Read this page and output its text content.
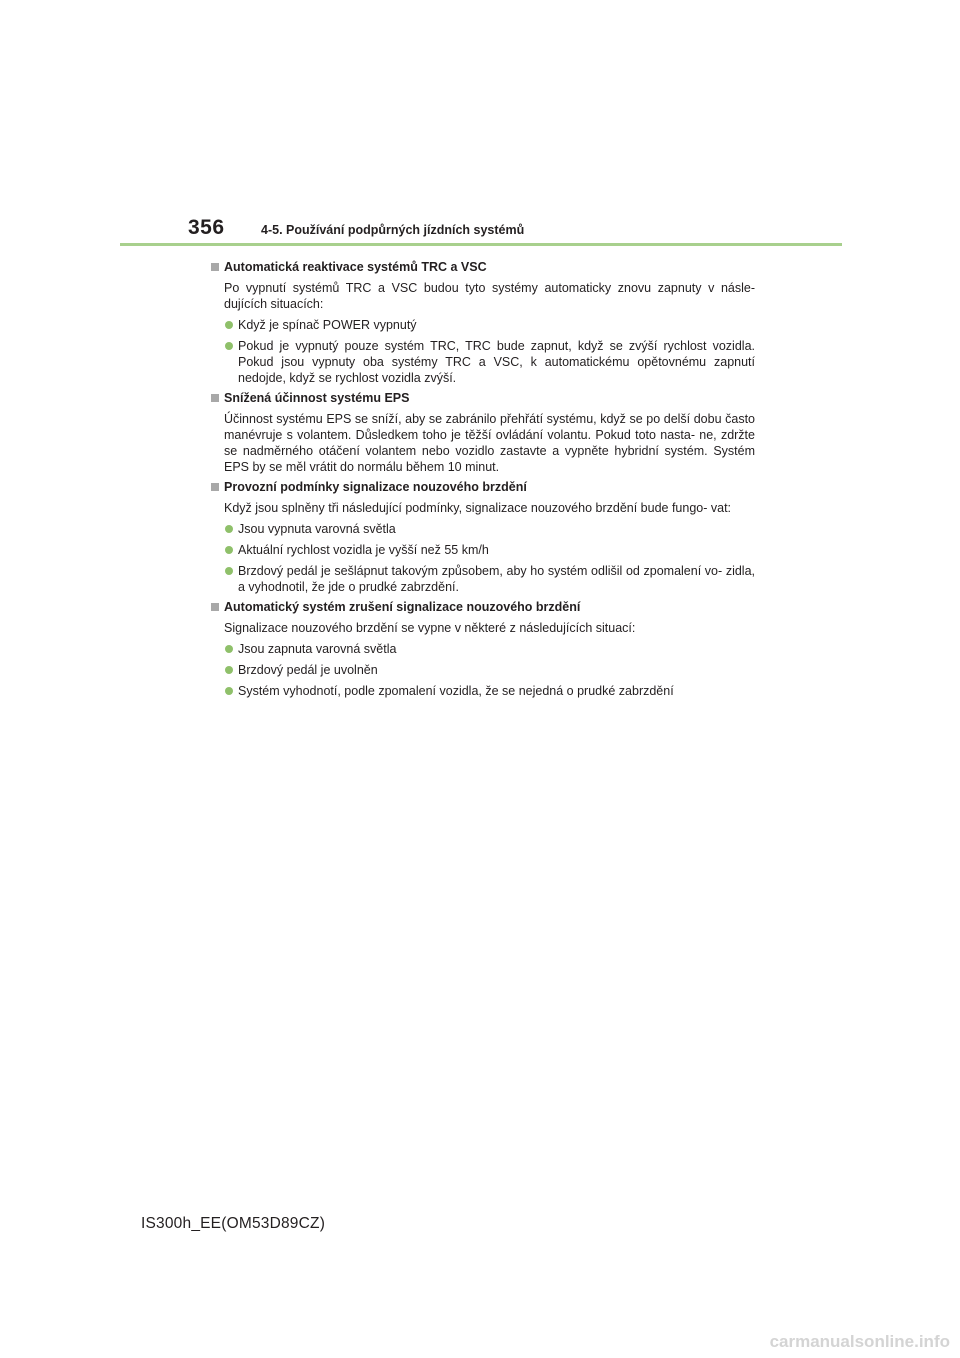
356	4-5. Používání podpůrných jízdních systémů
Automatická reaktivace systémů TRC a VSC
Po vypnutí systémů TRC a VSC budou tyto systémy automaticky znovu zapnuty v násle- dujících situacích:
Když je spínač POWER vypnutý
Pokud je vypnutý pouze systém TRC, TRC bude zapnut, když se zvýší rychlost vozidla. Pokud jsou vypnuty oba systémy TRC a VSC, k automatickému opětovnému zapnutí nedojde, když se rychlost vozidla zvýší.
Snížená účinnost systému EPS
Účinnost systému EPS se sníží, aby se zabránilo přehřátí systému, když se po delší dobu často manévruje s volantem. Důsledkem toho je těžší ovládání volantu. Pokud toto nasta- ne, zdržte se nadměrného otáčení volantem nebo vozidlo zastavte a vypněte hybridní systém. Systém EPS by se měl vrátit do normálu během 10 minut.
Provozní podmínky signalizace nouzového brzdění
Když jsou splněny tři následující podmínky, signalizace nouzového brzdění bude fungo- vat:
Jsou vypnuta varovná světla
Aktuální rychlost vozidla je vyšší než 55 km/h
Brzdový pedál je sešlápnut takovým způsobem, aby ho systém odlišil od zpomalení vo- zidla, a vyhodnotil, že jde o prudké zabrzdění.
Automatický systém zrušení signalizace nouzového brzdění
Signalizace nouzového brzdění se vypne v některé z následujících situací:
Jsou zapnuta varovná světla
Brzdový pedál je uvolněn
Systém vyhodnotí, podle zpomalení vozidla, že se nejedná o prudké zabrzdění
IS300h_EE(OM53D89CZ)
carmanualsonline.info
